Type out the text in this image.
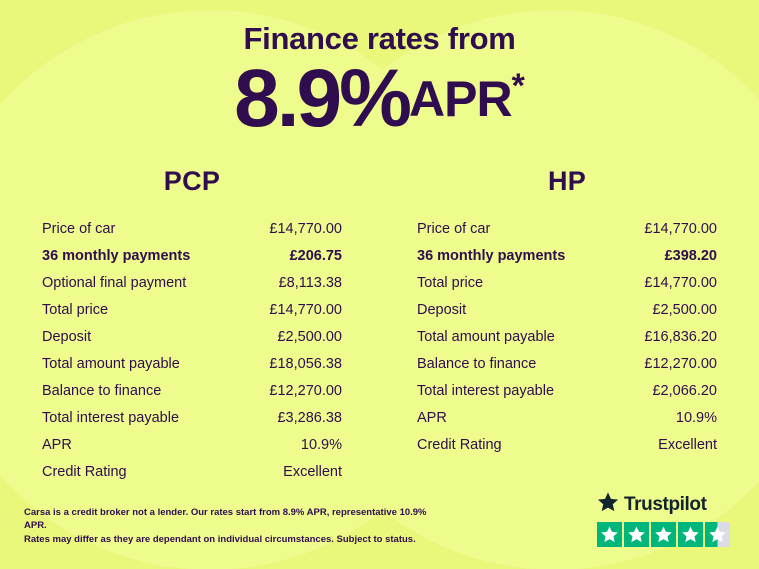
Finance rates from
8.9%APR*
PCP
Price of car	£14,770.00
36 monthly payments	£206.75
Optional final payment	£8,113.38
Total price	£14,770.00
Deposit	£2,500.00
Total amount payable	£18,056.38
Balance to finance	£12,270.00
Total interest payable	£3,286.38
APR	10.9%
Credit Rating	Excellent
HP
Price of car	£14,770.00
36 monthly payments	£398.20
Total price	£14,770.00
Deposit	£2,500.00
Total amount payable	£16,836.20
Balance to finance	£12,270.00
Total interest payable	£2,066.20
APR	10.9%
Credit Rating	Excellent
Carsa is a credit broker not a lender. Our rates start from 8.9% APR, representative 10.9% APR.
Rates may differ as they are dependant on individual circumstances. Subject to status.
Trustpilot
